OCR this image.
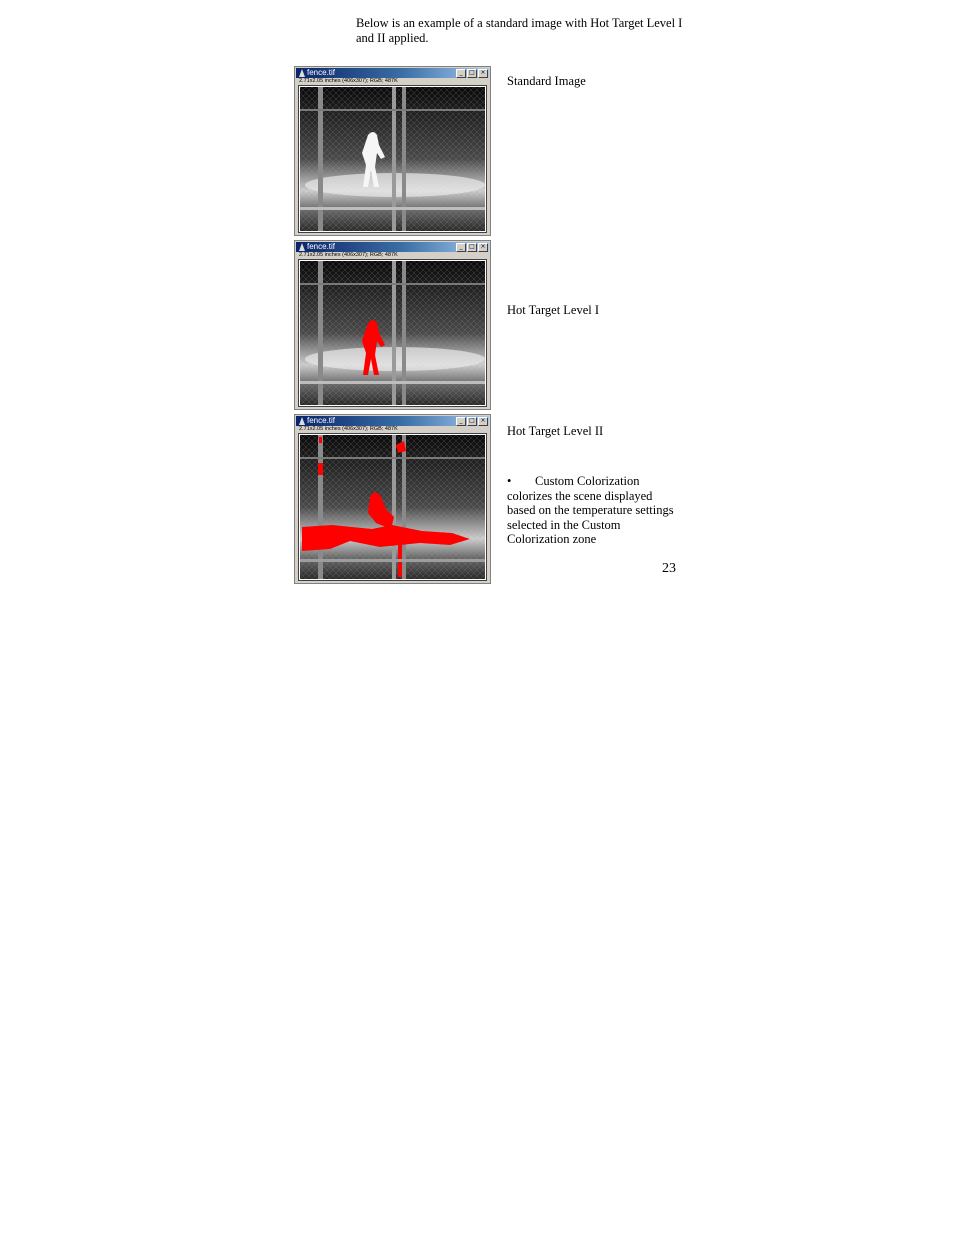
Below is an example of a standard image with Hot Target Level I and II applied.
fence.tif	_	□ ×
2.71x2.05 inches (406x307); RGB; 487K	Standard Image
fence.tif	_	□ ×
2.71x2.05 inches (406x307); RGB; 487K
Hot Target Level I
fence.tif	_	□ ×
2.71x2.05 inches (406x307); RGB; 487K	Hot Target Level II
• Custom Colorization colorizes the scene displayed based on the temperature settings selected in the Custom Colorization zone
23
